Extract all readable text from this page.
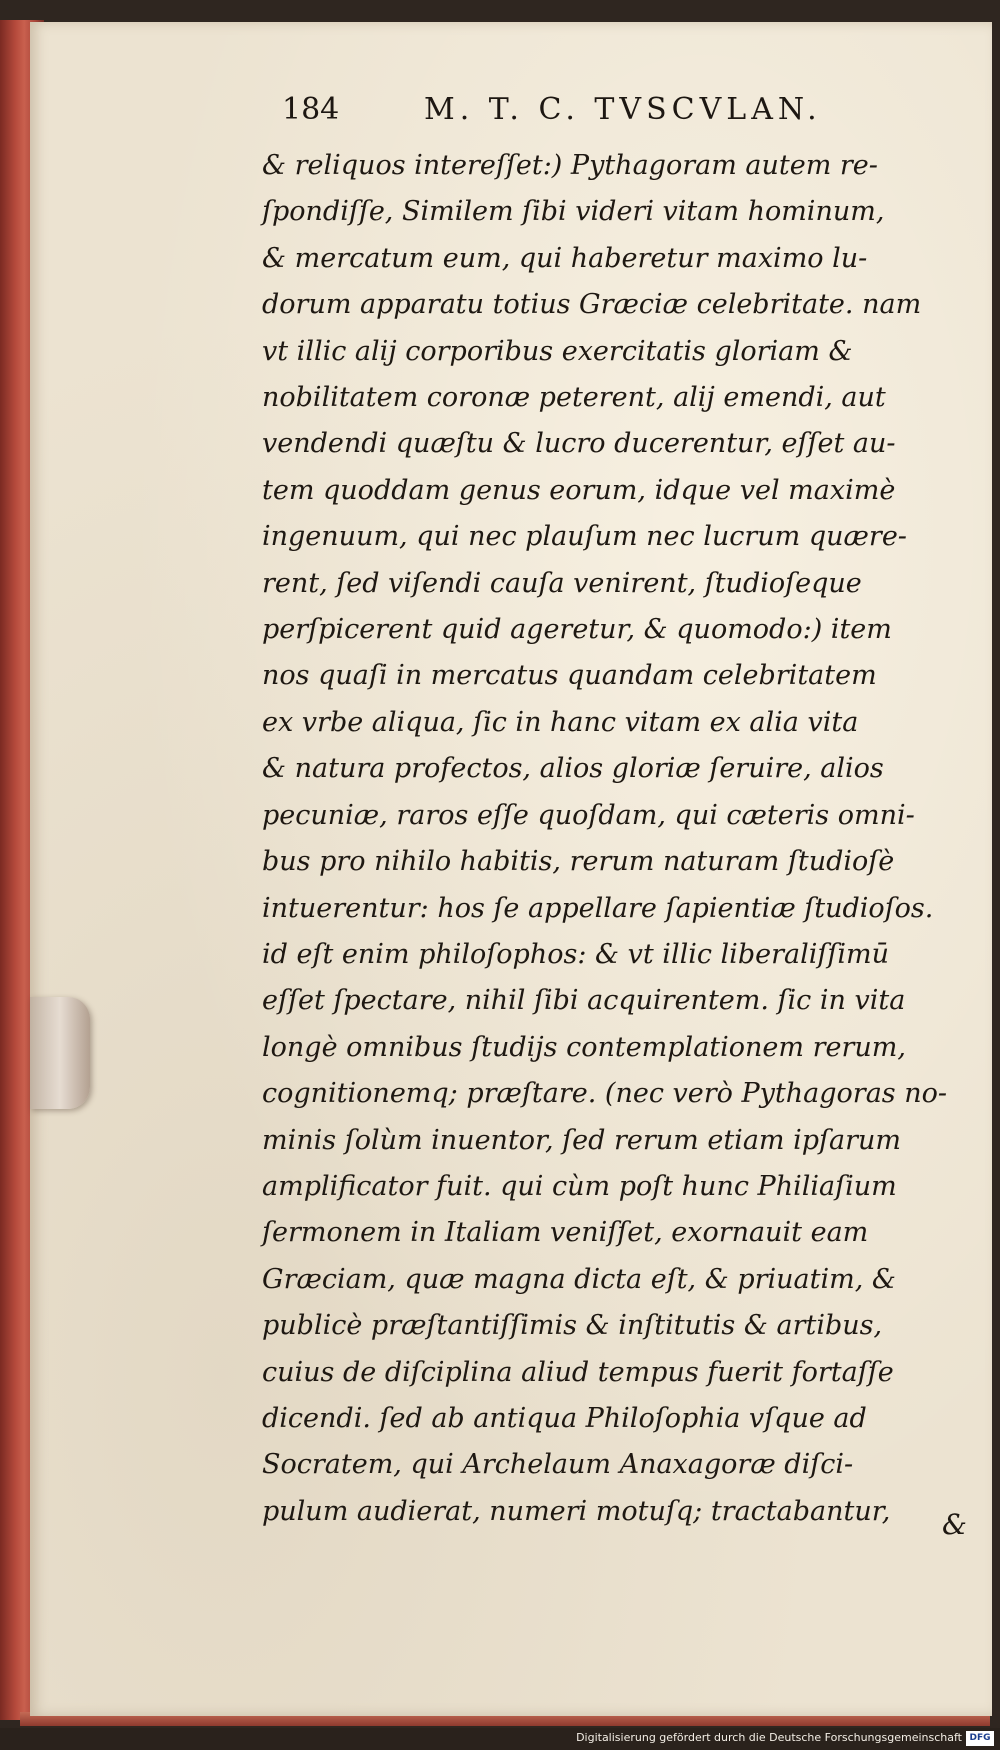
184	M. T. C. TVSCVLAN.
& reliquos intereſſet:) Pythagoram autem re-
ſpondiſſe, Similem ſibi videri vitam hominum,
& mercatum eum, qui haberetur maximo lu-
dorum apparatu totius Græciæ celebritate. nam
vt illic alij corporibus exercitatis gloriam &
nobilitatem coronæ peterent, alij emendi, aut
vendendi quæſtu & lucro ducerentur, eſſet au-
tem quoddam genus eorum, idque vel maximè
ingenuum, qui nec plauſum nec lucrum quære-
rent, ſed viſendi cauſa venirent, ſtudioſeque
perſpicerent quid ageretur, & quomodo:) item
nos quaſi in mercatus quandam celebritatem
ex vrbe aliqua, ſic in hanc vitam ex alia vita
& natura profectos, alios gloriæ ſeruire, alios
pecuniæ, raros eſſe quoſdam, qui cæteris omni-
bus pro nihilo habitis, rerum naturam ſtudioſè
intuerentur: hos ſe appellare ſapientiæ ſtudioſos.
id eſt enim philoſophos: & vt illic liberaliſſimū
eſſet ſpectare, nihil ſibi acquirentem. ſic in vita
longè omnibus ſtudijs contemplationem rerum,
cognitionemq; præſtare. (nec verò Pythagoras no-
minis ſolùm inuentor, ſed rerum etiam ipſarum
amplificator fuit. qui cùm poſt hunc Philiaſium
ſermonem in Italiam veniſſet, exornauit eam
Græciam, quæ magna dicta eſt, & priuatim, &
publicè præſtantiſſimis & inſtitutis & artibus,
cuius de diſciplina aliud tempus fuerit fortaſſe
dicendi. ſed ab antiqua Philoſophia vſque ad
Socratem, qui Archelaum Anaxagoræ diſci-
pulum audierat, numeri motuſq; tractabantur,	&
Digitalisierung gefördert durch die Deutsche Forschungsgemeinschaft DFG
